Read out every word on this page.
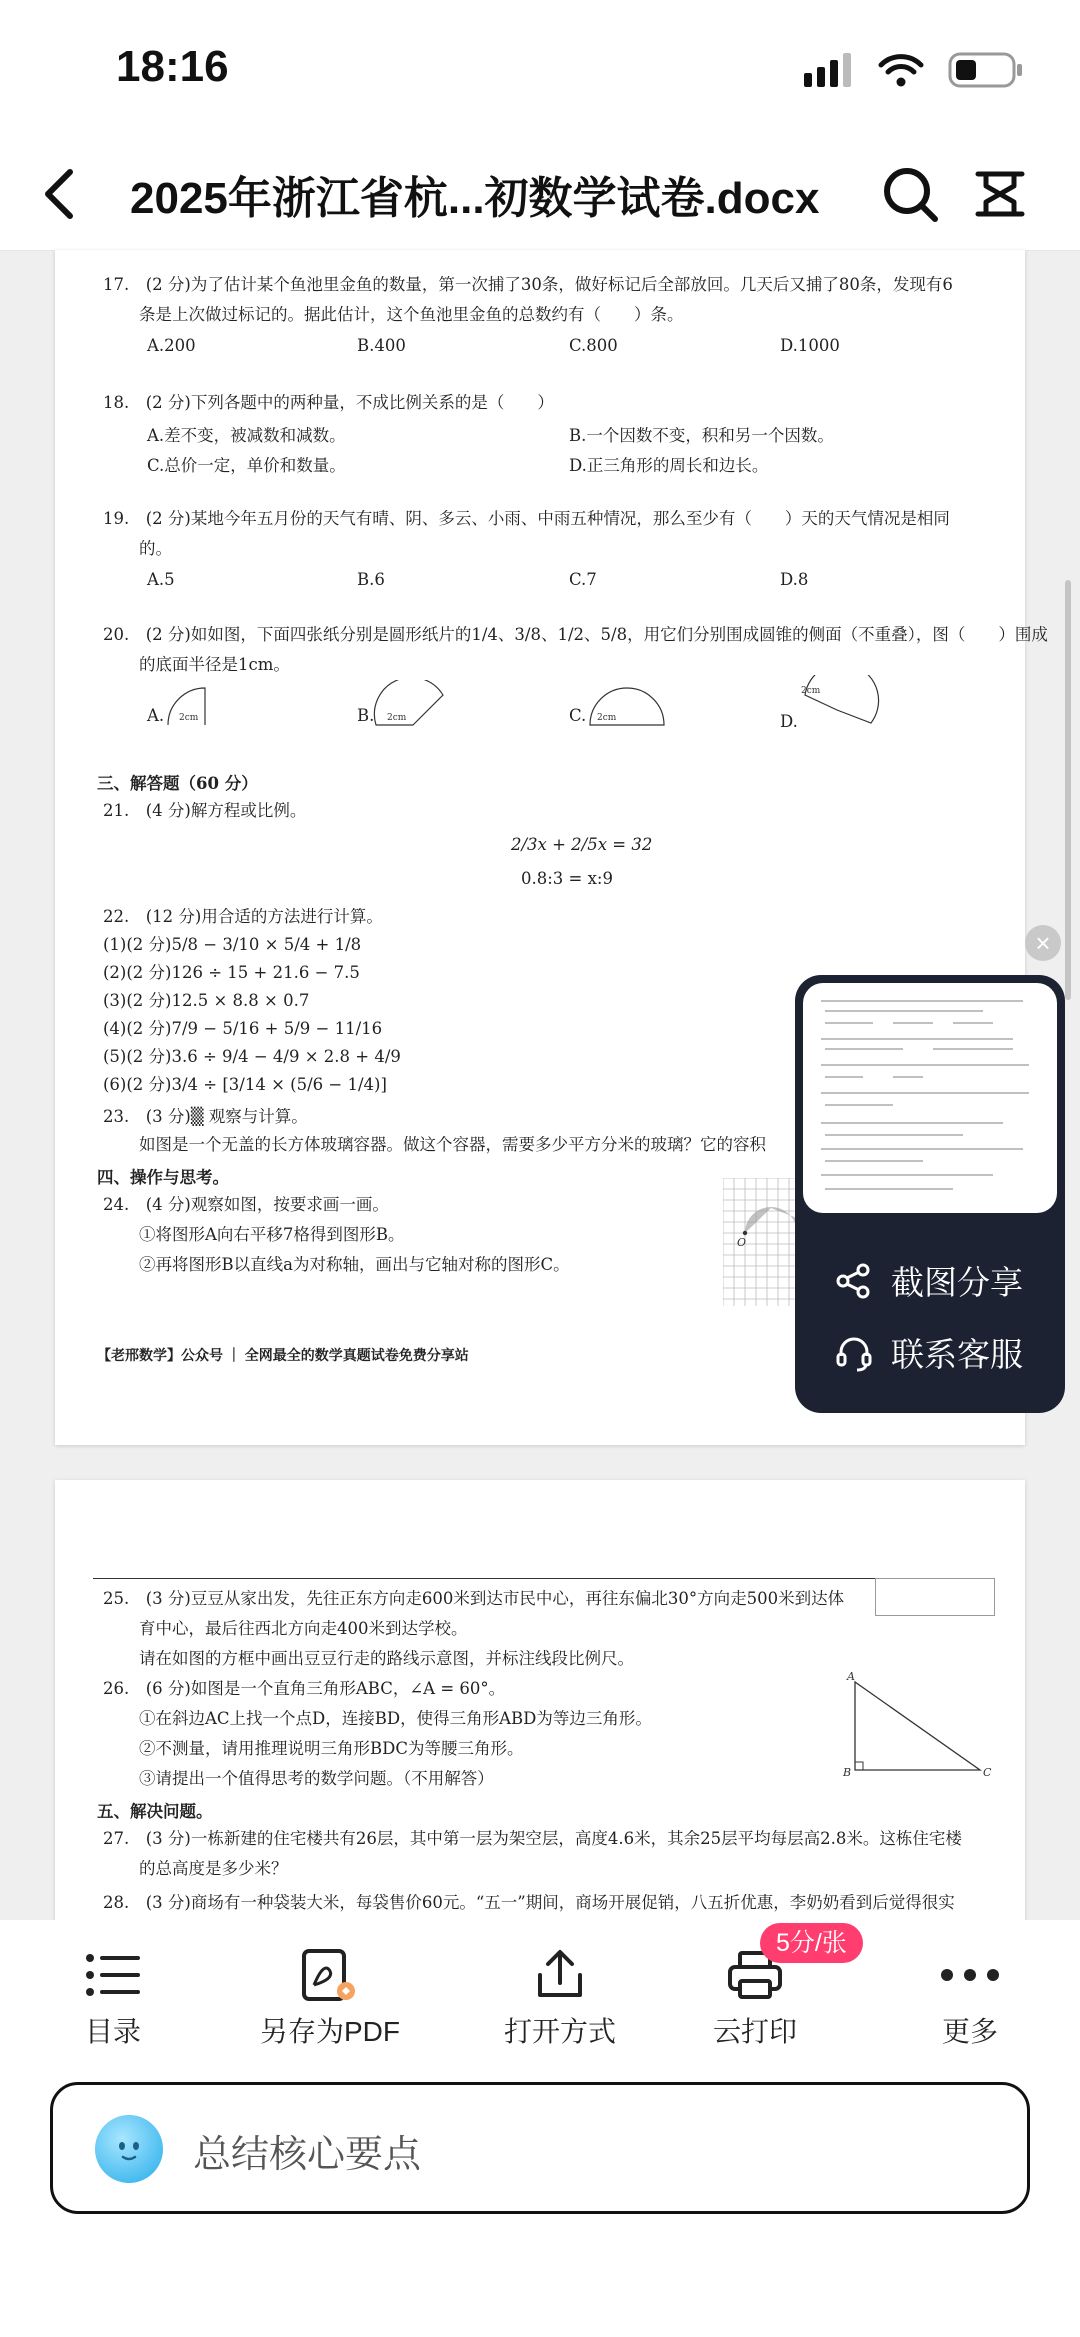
18:16
2025年浙江省杭...初数学试卷.docx
17.　(2 分)为了估计某个鱼池里金鱼的数量，第一次捕了30条，做好标记后全部放回。几天后又捕了80条，发现有6
条是上次做过标记的。据此估计，这个鱼池里金鱼的总数约有（　　）条。
A.200	B.400	C.800	D.1000
18.　(2 分)下列各题中的两种量，不成比例关系的是（　　）
A.差不变，被减数和减数。	B.一个因数不变，积和另一个因数。
C.总价一定，单价和数量。	D.正三角形的周长和边长。
19.　(2 分)某地今年五月份的天气有晴、阴、多云、小雨、中雨五种情况，那么至少有（　　）天的天气情况是相同
的。
A.5	B.6	C.7	D.8
20.　(2 分)如如图，下面四张纸分别是圆形纸片的1/4、3/8、1/2、5/8，用它们分别围成圆锥的侧面（不重叠），图（　　）围成
的底面半径是1cm。
A. 2cm	B. 2cm	C. 2cm	D.
2cm
三、解答题（60 分）
21.　(4 分)解方程或比例。
2/3x + 2/5x = 32
0.8:3 = x:9
22.　(12 分)用合适的方法进行计算。
(1)(2 分)5/8 − 3/10 × 5/4 + 1/8
(2)(2 分)126 ÷ 15 + 21.6 − 7.5
(3)(2 分)12.5 × 8.8 × 0.7
(4)(2 分)7/9 − 5/16 + 5/9 − 11/16
(5)(2 分)3.6 ÷ 9/4 − 4/9 × 2.8 + 4/9
(6)(2 分)3/4 ÷ [3/14 × (5/6 − 1/4)]
23.　(3 分)▒ 观察与计算。
如图是一个无盖的长方体玻璃容器。做这个容器，需要多少平方分米的玻璃？它的容积
四、操作与思考。
24.　(4 分)观察如图，按要求画一画。
①将图形A向右平移7格得到图形B。
②再将图形B以直线a为对称轴，画出与它轴对称的图形C。
O
【老邢数学】公众号 ｜ 全网最全的数学真题试卷免费分享站
25.　(3 分)豆豆从家出发，先往正东方向走600米到达市民中心，再往东偏北30°方向走500米到达体
育中心，最后往西北方向走400米到达学校。
请在如图的方框中画出豆豆行走的路线示意图，并标注线段比例尺。
26.　(6 分)如图是一个直角三角形ABC，∠A = 60°。
①在斜边AC上找一个点D，连接BD，使得三角形ABD为等边三角形。
②不测量，请用推理说明三角形BDC为等腰三角形。
③请提出一个值得思考的数学问题。（不用解答）
A
B	C
五、解决问题。
27.　(3 分)一栋新建的住宅楼共有26层，其中第一层为架空层，高度4.6米，其余25层平均每层高2.8米。这栋住宅楼
的总高度是多少米？
28.　(3 分)商场有一种袋装大米，每袋售价60元。“五一”期间，商场开展促销，八五折优惠，李奶奶看到后觉得很实
×
截图分享
联系客服
目录	另存为PDF	打开方式	云打印	更多
5分/张
总结核心要点
